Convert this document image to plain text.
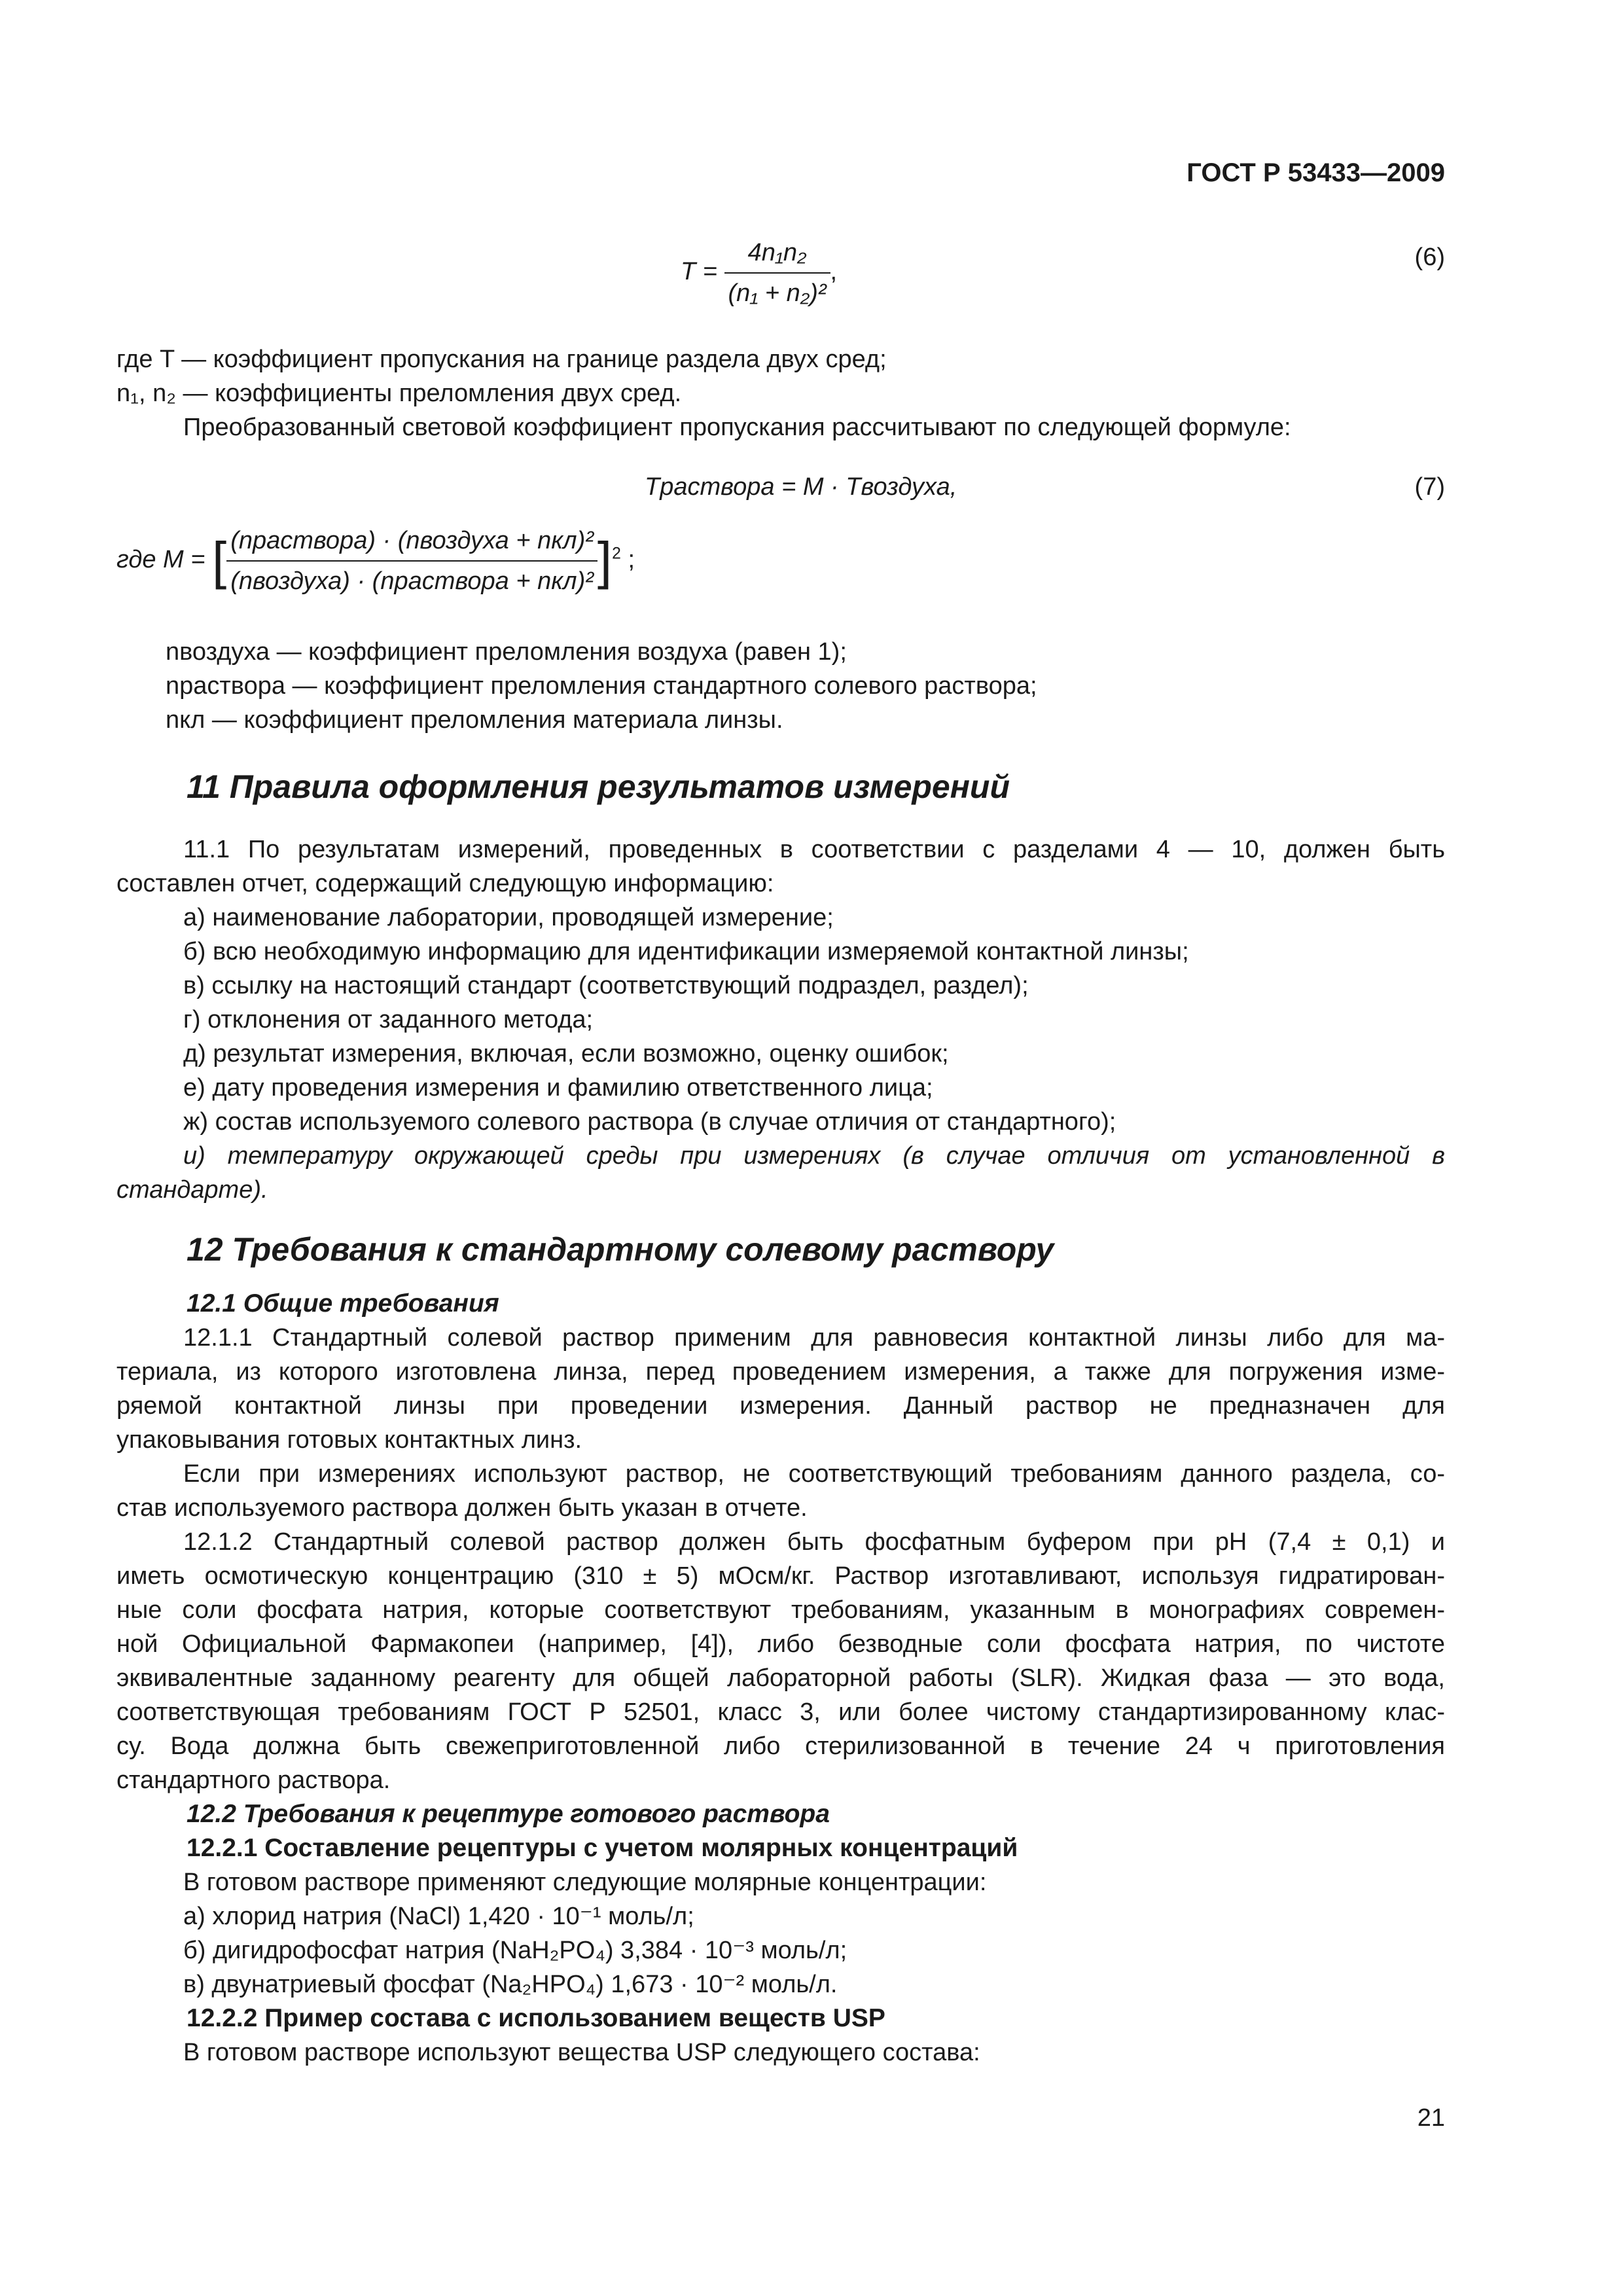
ГОСТ Р 53433—2009
$T = \frac{\text{4n₁n₂}}{\text{(n₁ + n₂)²}}$ ,
(6)

где T — коэффициент пропускания на границе раздела двух сред;

n₁, n₂ — коэффициенты преломления двух сред.

Преобразованный световой коэффициент пропускания рассчитывают по следующей формуле:

Tраствора = M · Tвоздуха,	(7)
где M = [ $\frac{\text{(nраствора) · (nвоздуха + nкл)²}}{\text{(nвоздуха) · (nраствора + nкл)²}} ]^2$ ;

nвоздуха — коэффициент преломления воздуха (равен 1);

nраствора — коэффициент преломления стандартного солевого раствора;

nкл — коэффициент преломления материала линзы.

11 Правила оформления результатов измерений

11.1 По результатам измерений, проведенных в соответствии с разделами 4 — 10, должен быть

составлен отчет, содержащий следующую информацию:

а) наименование лаборатории, проводящей измерение;

б) всю необходимую информацию для идентификации измеряемой контактной линзы;

в) ссылку на настоящий стандарт (соответствующий подраздел, раздел);

г) отклонения от заданного метода;

д) результат измерения, включая, если возможно, оценку ошибок;

е) дату проведения измерения и фамилию ответственного лица;

ж) состав используемого солевого раствора (в случае отличия от стандартного);

и) температуру окружающей среды при измерениях (в случае отличия от установленной в

стандарте).

12 Требования к стандартному солевому раствору
12.1 Общие требования

12.1.1 Стандартный солевой раствор применим для равновесия контактной линзы либо для ма-

териала, из которого изготовлена линза, перед проведением измерения, а также для погружения изме-

ряемой контактной линзы при проведении измерения. Данный раствор не предназначен для

упаковывания готовых контактных линз.

Если при измерениях используют раствор, не соответствующий требованиям данного раздела, со-

став используемого раствора должен быть указан в отчете.

12.1.2 Стандартный солевой раствор должен быть фосфатным буфером при pH (7,4 ± 0,1) и

иметь осмотическую концентрацию (310 ± 5) мОсм/кг. Раствор изготавливают, используя гидратирован-

ные соли фосфата натрия, которые соответствуют требованиям, указанным в монографиях современ-

ной Официальной Фармакопеи (например, [4]), либо безводные соли фосфата натрия, по чистоте

эквивалентные заданному реагенту для общей лабораторной работы (SLR). Жидкая фаза — это вода,

соответствующая требованиям ГОСТ Р 52501, класс 3, или более чистому стандартизированному клас-

су. Вода должна быть свежеприготовленной либо стерилизованной в течение 24 ч приготовления

стандартного раствора.

12.2 Требования к рецептуре готового раствора
12.2.1 Составление рецептуры с учетом молярных концентраций

В готовом растворе применяют следующие молярные концентрации:

а) хлорид натрия (NaCl) 1,420 · 10⁻¹ моль/л;

б) дигидрофосфат натрия (NaH₂PO₄) 3,384 · 10⁻³ моль/л;

в) двунатриевый фосфат (Na₂HPO₄) 1,673 · 10⁻² моль/л.

12.2.2 Пример состава с использованием веществ USP

В готовом растворе используют вещества USP следующего состава:

21
